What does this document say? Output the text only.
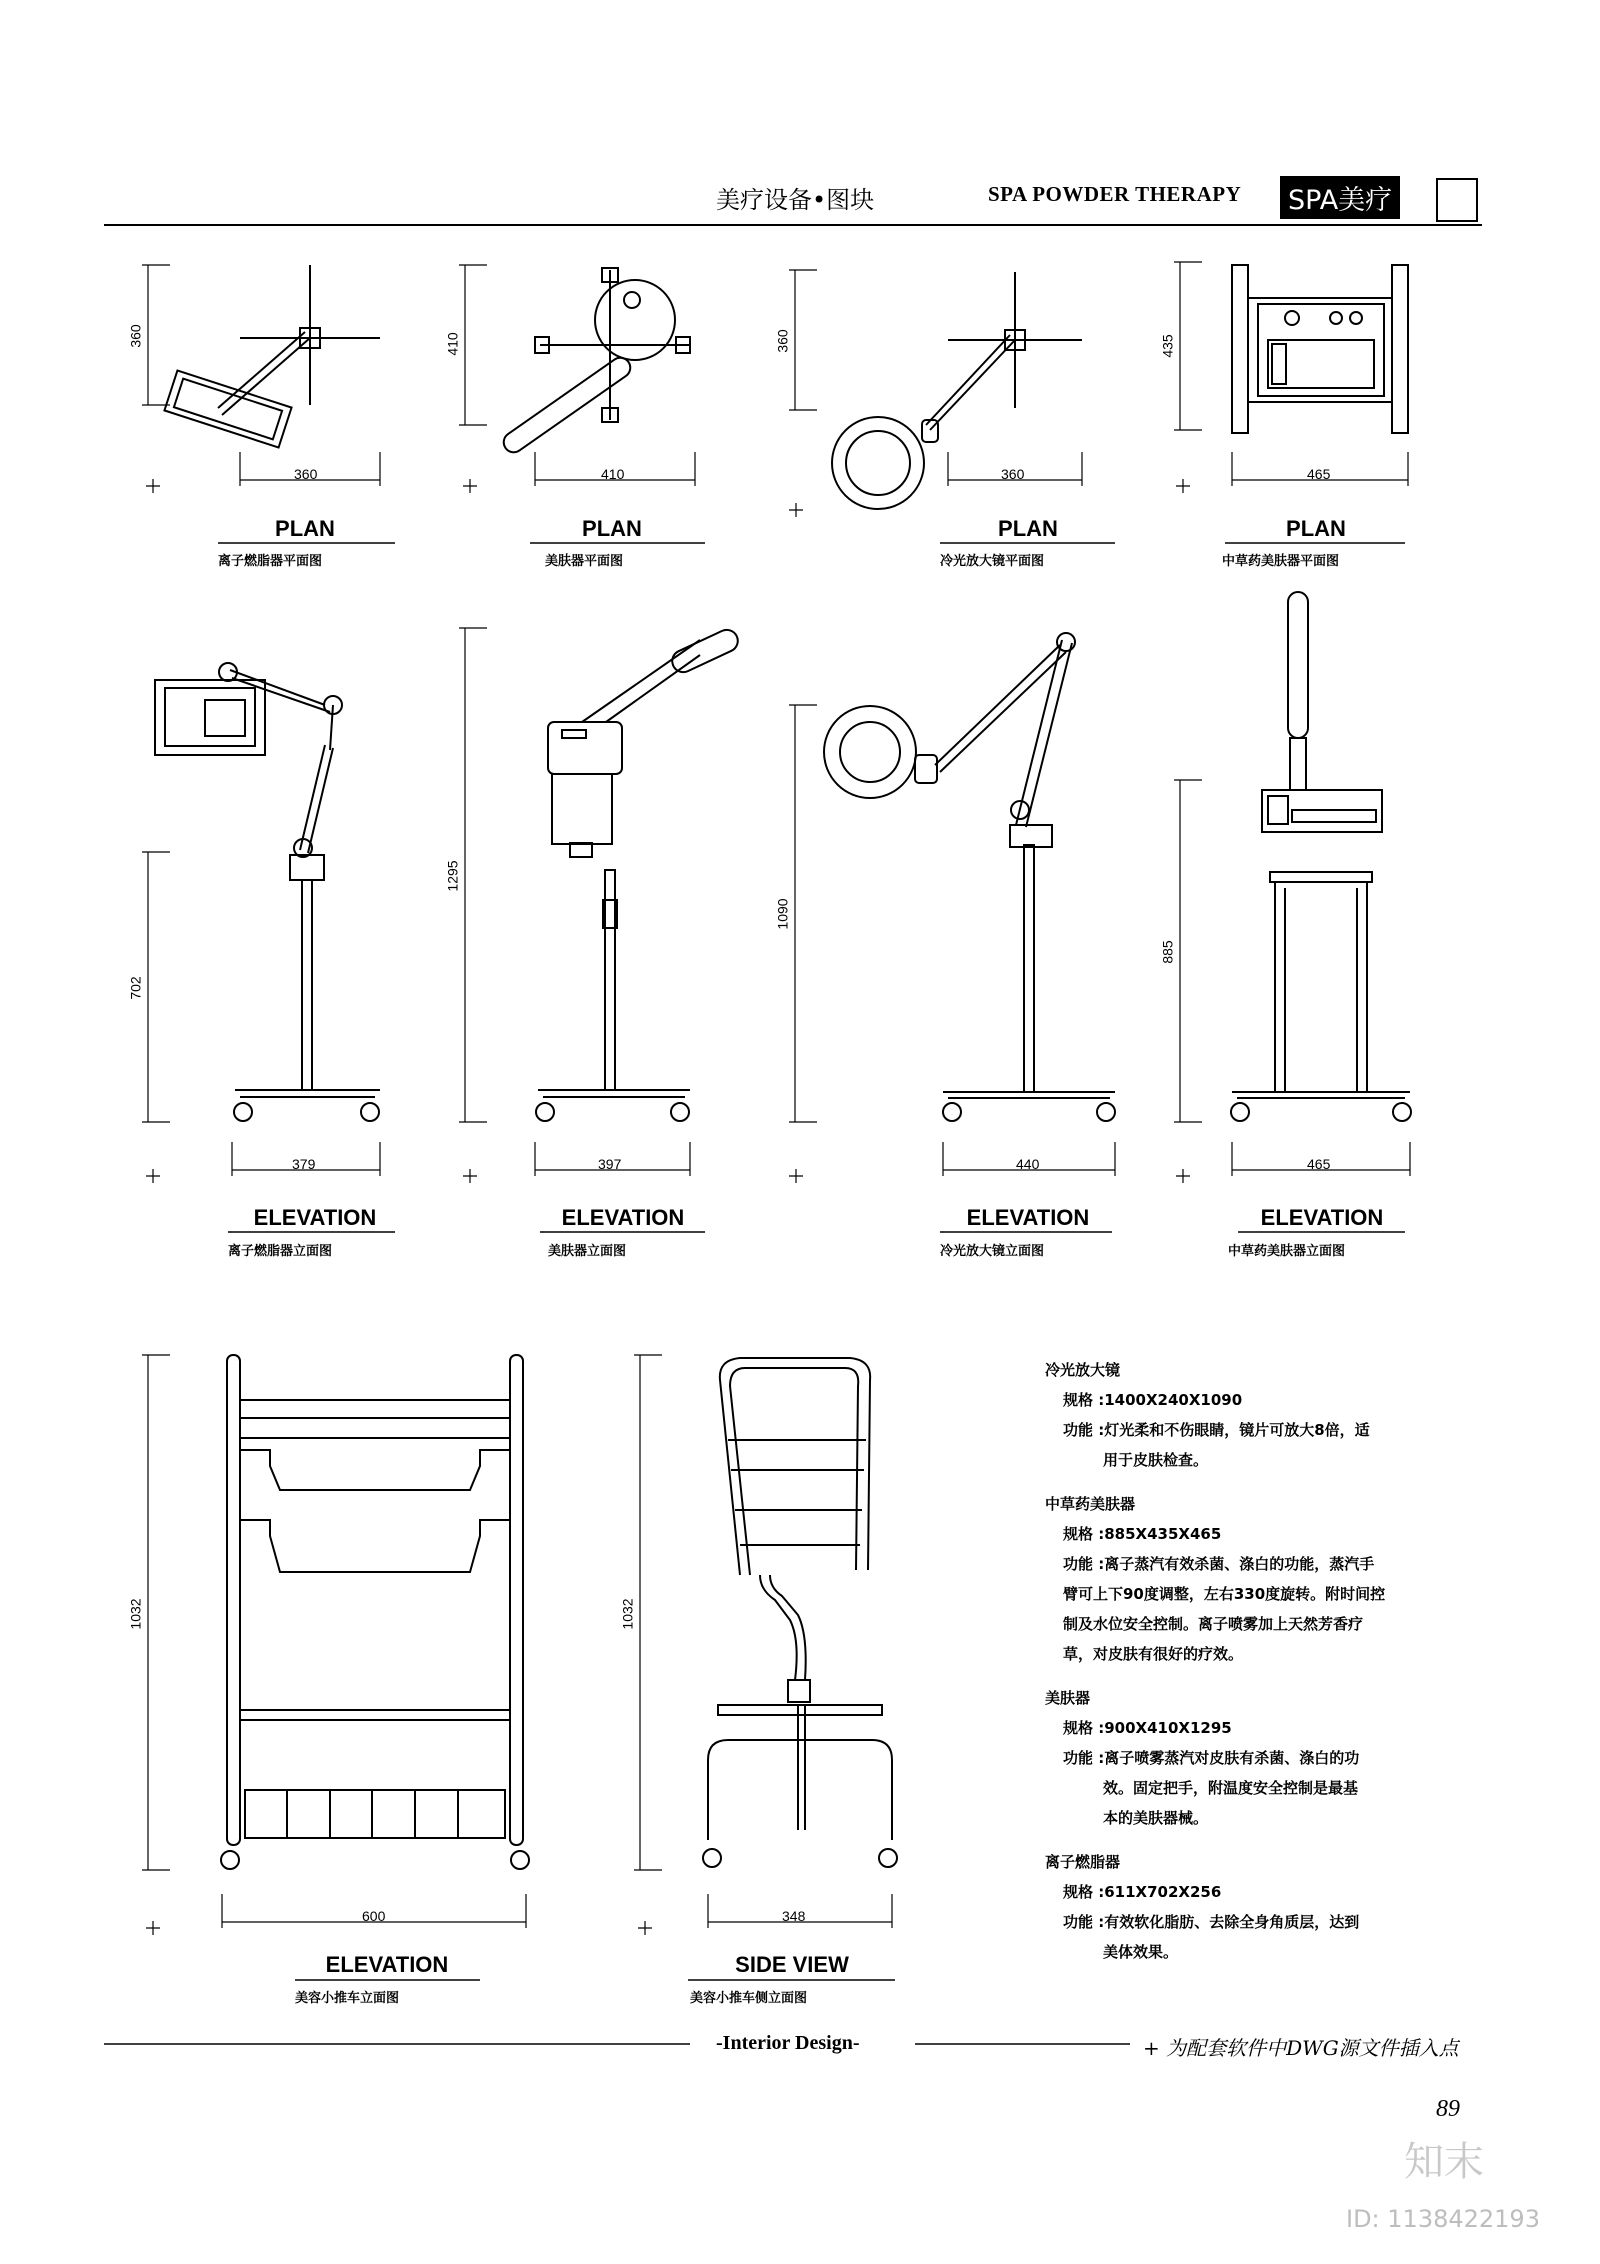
美疗设备•图块	SPA POWDER THERAPY SPA美疗
360	410	360	435
702
1295
1090
885
1032	1032
360	410	360	465
379	397	440	465
600	348
PLAN	PLAN	PLAN	PLAN
ELEVATION	ELEVATION	ELEVATION	ELEVATION
ELEVATION	SIDE VIEW
离子燃脂器平面图	美肤器平面图	冷光放大镜平面图	中草药美肤器平面图
离子燃脂器立面图	美肤器立面图	冷光放大镜立面图	中草药美肤器立面图
美容小推车立面图	美容小推车侧立面图
冷光放大镜
规格 :1400X240X1090
功能 :灯光柔和不伤眼睛，镜片可放大8倍，适
用于皮肤检查。
中草药美肤器
规格 :885X435X465
功能 :离子蒸汽有效杀菌、涤白的功能，蒸汽手
臂可上下90度调整，左右330度旋转。附时间控
制及水位安全控制。离子喷雾加上天然芳香疗
草，对皮肤有很好的疗效。
美肤器
规格 :900X410X1295
功能 :离子喷雾蒸汽对皮肤有杀菌、涤白的功
效。固定把手，附温度安全控制是最基
本的美肤器械。
离子燃脂器
规格 :611X702X256
功能 :有效软化脂肪、去除全身角质层，达到
美体效果。
-Interior Design-	+ 为配套软件中DWG源文件插入点
89
知末
ID: 1138422193
